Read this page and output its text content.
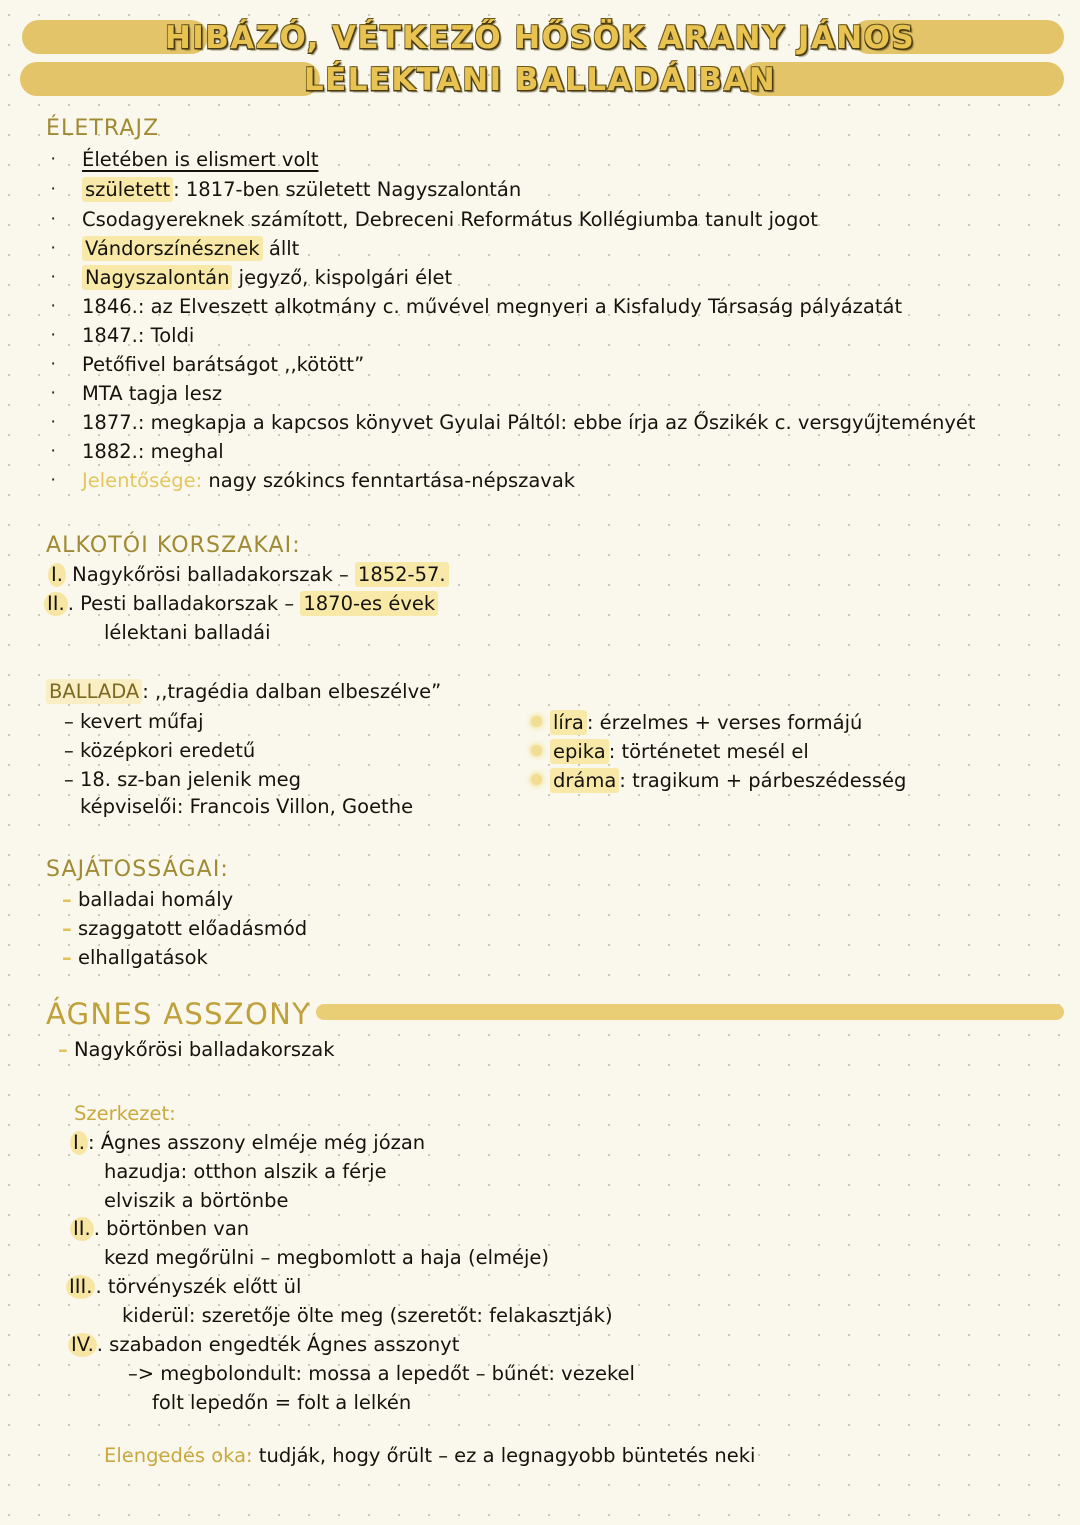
HIBÁZÓ, VÉTKEZŐ HŐSÖK ARANY JÁNOS
LÉLEKTANI BALLADÁIBAN
ÉLETRAJZ
· Életében is elismert volt
· született : 1817-ben született Nagyszalontán
· Csodagyereknek számított, Debreceni Református Kollégiumba tanult jogot
· Vándorszínésznek állt
· Nagyszalontán jegyző, kispolgári élet
· 1846.: az Elveszett alkotmány c. művével megnyeri a Kisfaludy Társaság pályázatát
· 1847.: Toldi
· Petőfivel barátságot ,,kötött”
· MTA tagja lesz
· 1877.: megkapja a kapcsos könyvet Gyulai Páltól: ebbe írja az Őszikék c. versgyűjteményét
· 1882.: meghal
· Jelentősége: nagy szókincs fenntartása-népszavak
ALKOTÓI KORSZAKAI:
I. Nagykőrösi balladakorszak – 1852-57.
II. . Pesti balladakorszak – 1870-es évek
lélektani balladái
BALLADA : ,,tragédia dalban elbeszélve”
– kevert műfaj
– középkori eredetű
– 18. sz-ban jelenik meg
képviselői: Francois Villon, Goethe
líra : érzelmes + verses formájú
epika : történetet mesél el
dráma : tragikum + párbeszédesség
SAJÁTOSSÁGAI:
– balladai homály
– szaggatott előadásmód
– elhallgatások
ÁGNES ASSZONY
– Nagykőrösi balladakorszak
Szerkezet:
I. : Ágnes asszony elméje még józan
hazudja: otthon alszik a férje
elviszik a börtönbe
II. . börtönben van
kezd megőrülni – megbomlott a haja (elméje)
III. . törvényszék előtt ül
kiderül: szeretője ölte meg (szeretőt: felakasztják)
IV. . szabadon engedték Ágnes asszonyt
–> megbolondult: mossa a lepedőt – bűnét: vezekel
folt lepedőn = folt a lelkén
Elengedés oka: tudják, hogy őrült – ez a legnagyobb büntetés neki
